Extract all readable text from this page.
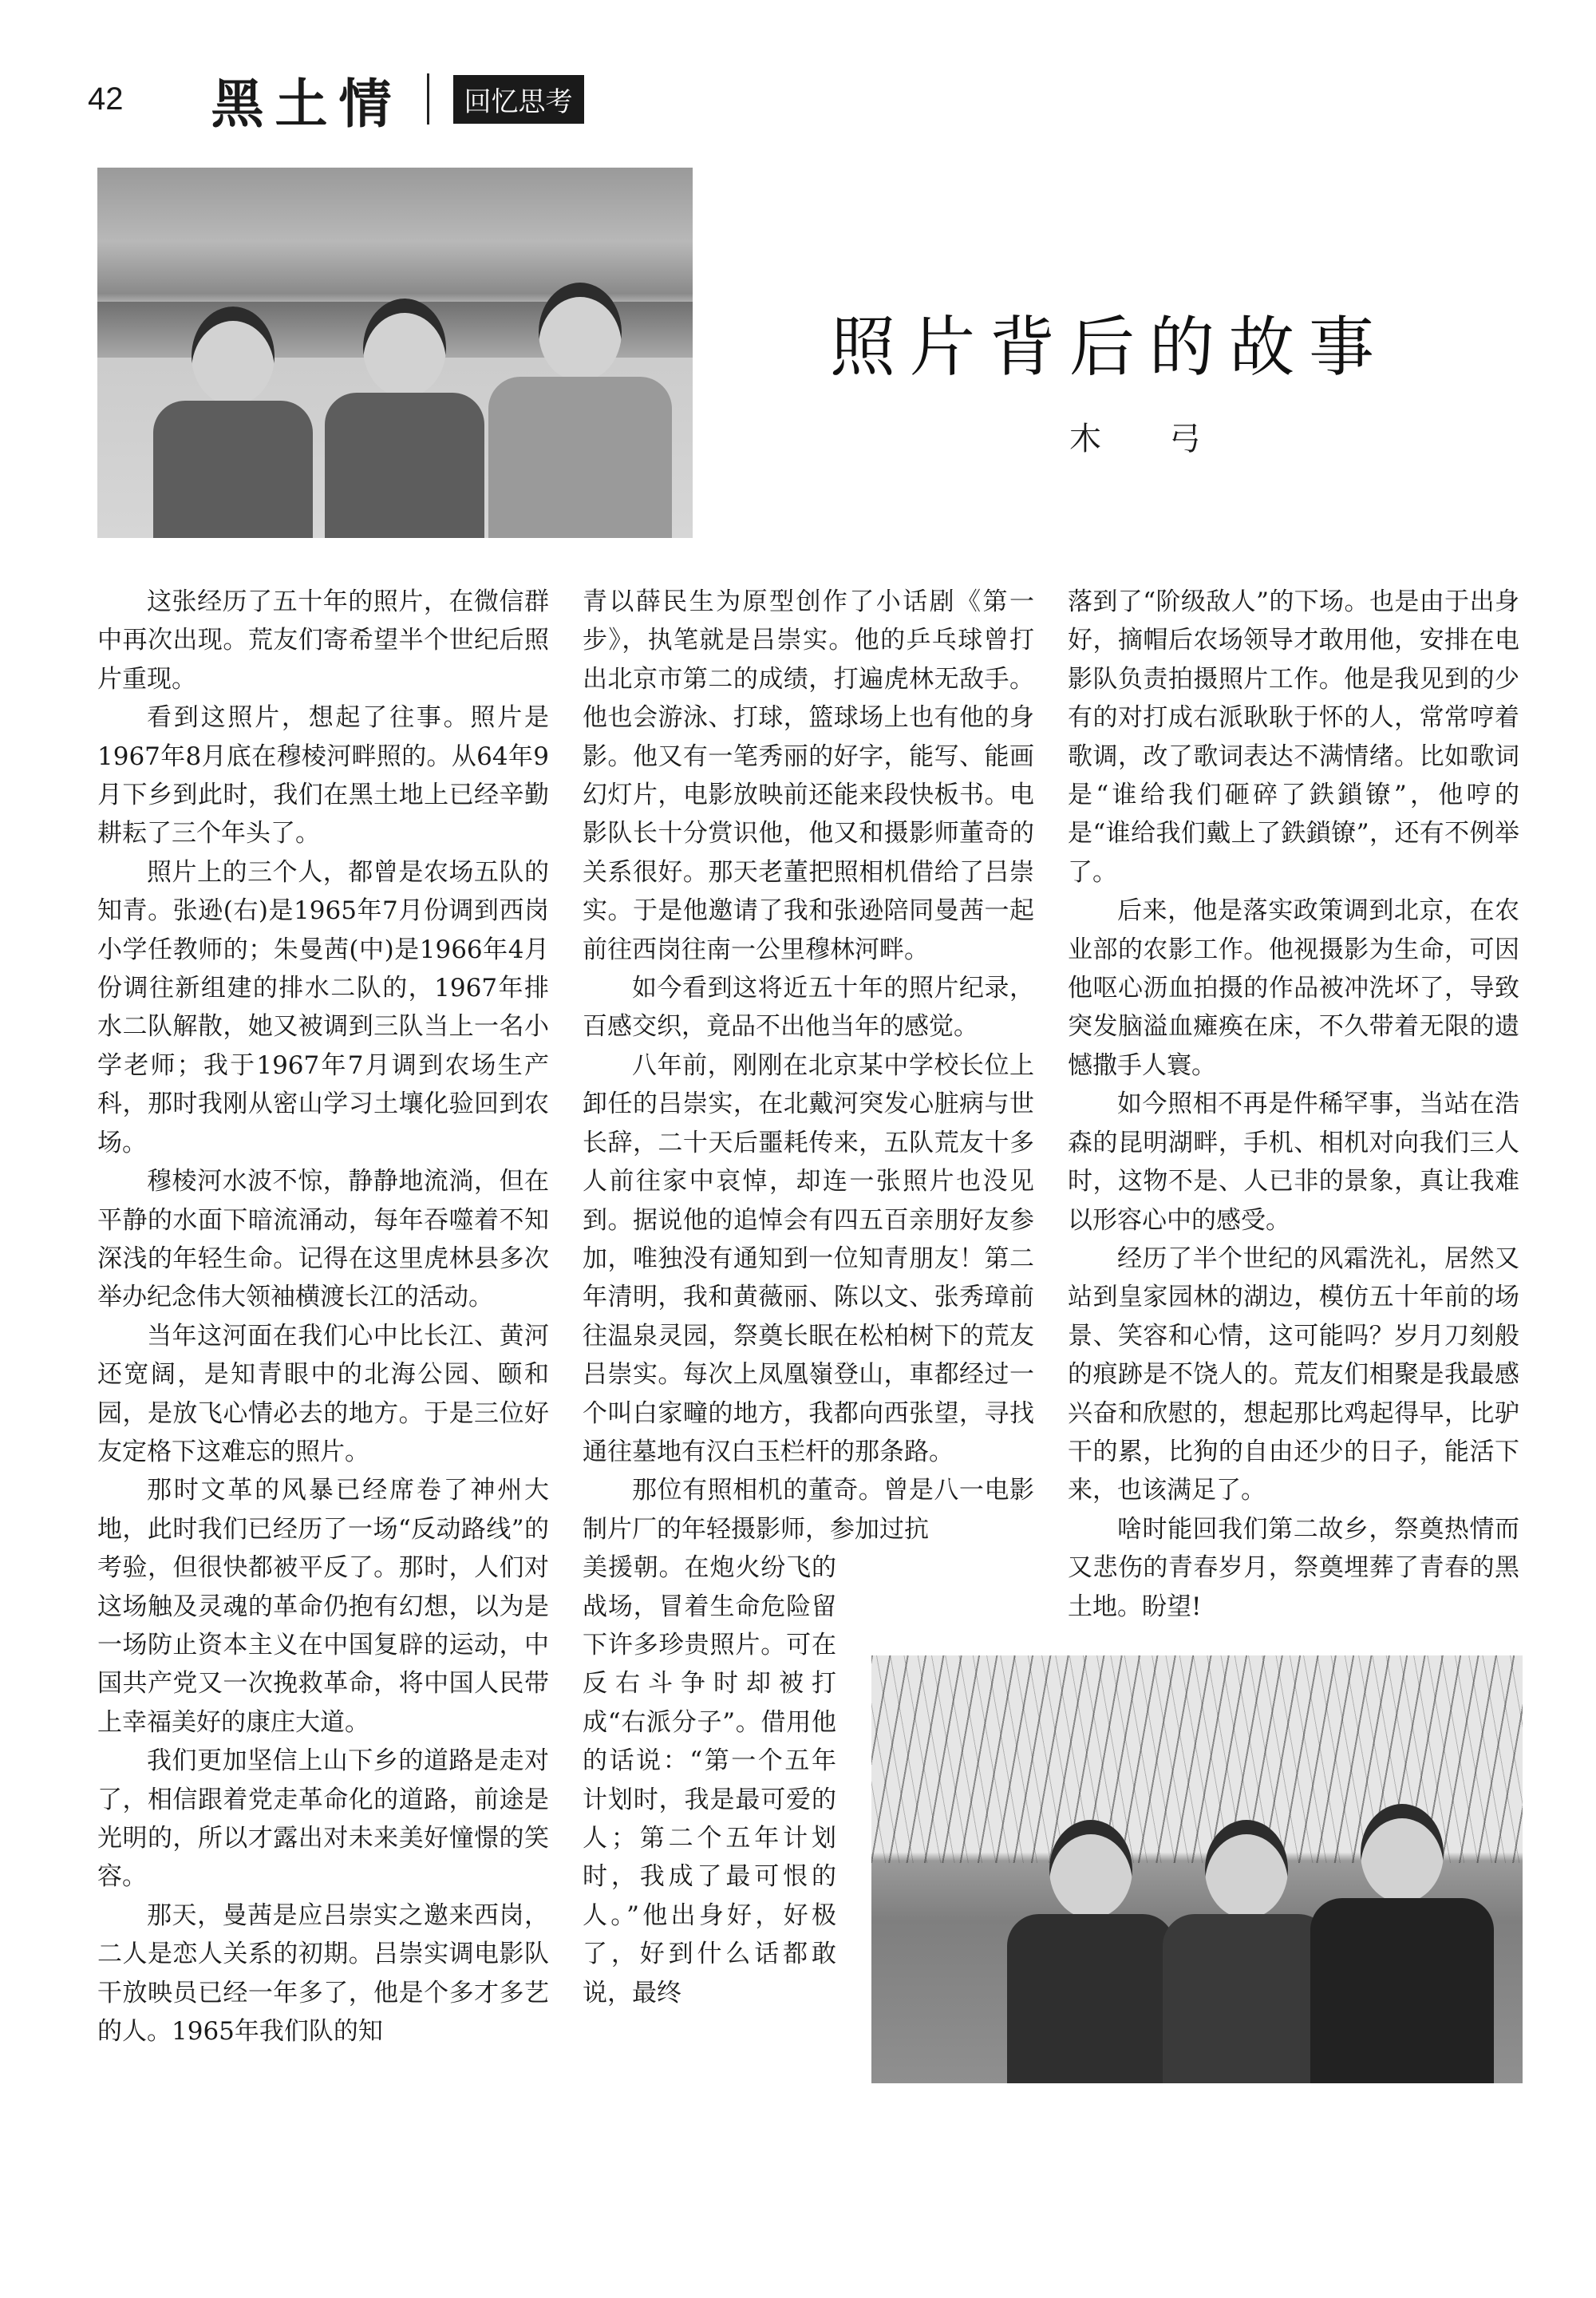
42 黑土情	回忆思考
照片背后的故事
木 弓

这张经历了五十年的照片，在微信群中再次出现。荒友们寄希望半个世纪后照片重现。

看到这照片，想起了往事。照片是1967年8月底在穆棱河畔照的。从64年9月下乡到此时，我们在黑土地上已经辛勤耕耘了三个年头了。

照片上的三个人，都曾是农场五队的知青。张逊(右)是1965年7月份调到西岗小学任教师的；朱曼茜(中)是1966年4月份调往新组建的排水二队的，1967年排水二队解散，她又被调到三队当上一名小学老师；我于1967年7月调到农场生产科，那时我刚从密山学习土壤化验回到农场。

穆棱河水波不惊，静静地流淌，但在平静的水面下暗流涌动，每年吞噬着不知深浅的年轻生命。记得在这里虎林县多次举办纪念伟大领袖横渡长江的活动。

当年这河面在我们心中比长江、黄河还宽阔，是知青眼中的北海公园、颐和园，是放飞心情必去的地方。于是三位好友定格下这难忘的照片。

那时文革的风暴已经席卷了神州大地，此时我们已经历了一场“反动路线”的考验，但很快都被平反了。那时，人们对这场触及灵魂的革命仍抱有幻想，以为是一场防止资本主义在中国复辟的运动，中国共产党又一次挽救革命，将中国人民带上幸福美好的康庄大道。

我们更加坚信上山下乡的道路是走对了，相信跟着党走革命化的道路，前途是光明的，所以才露出对未来美好憧憬的笑容。

那天，曼茜是应吕崇实之邀来西岗，二人是恋人关系的初期。吕崇实调电影队干放映员已经一年多了，他是个多才多艺的人。1965年我们队的知

青以薛民生为原型创作了小话剧《第一步》，执笔就是吕崇实。他的乒乓球曾打出北京市第二的成绩，打遍虎林无敌手。他也会游泳、打球，篮球场上也有他的身影。他又有一笔秀丽的好字，能写、能画幻灯片，电影放映前还能来段快板书。电影队长十分赏识他，他又和摄影师董奇的关系很好。那天老董把照相机借给了吕崇实。于是他邀请了我和张逊陪同曼茜一起前往西岗往南一公里穆林河畔。

如今看到这将近五十年的照片纪录，百感交织，竟品不出他当年的感觉。

八年前，刚刚在北京某中学校长位上卸任的吕崇实，在北戴河突发心脏病与世长辞，二十天后噩耗传来，五队荒友十多人前往家中哀悼，却连一张照片也没见到。据说他的追悼会有四五百亲朋好友参加，唯独没有通知到一位知青朋友！第二年清明，我和黄薇丽、陈以文、张秀璋前往温泉灵园，祭奠长眠在松柏树下的荒友吕崇实。每次上凤凰嶺登山，車都经过一个叫白家疃的地方，我都向西张望，寻找通往墓地有汉白玉栏杆的那条路。

那位有照相机的董奇。曾是八一电影制片厂的年轻摄影师，参加过抗

美援朝。在炮火纷飞的战场，冒着生命危险留下许多珍贵照片。可在反右斗争时却被打成“右派分子”。借用他的话说：“第一个五年计划时，我是最可爱的人；第二个五年计划时，我成了最可恨的人。”他出身好，好极了，好到什么话都敢说，最终

落到了“阶级敌人”的下场。也是由于出身好，摘帽后农场领导才敢用他，安排在电影队负责拍摄照片工作。他是我见到的少有的对打成右派耿耿于怀的人，常常哼着歌调，改了歌词表达不满情绪。比如歌词是“谁给我们砸碎了鉄鎖镣”，他哼的是“谁给我们戴上了鉄鎖镣”，还有不例举了。

后来，他是落实政策调到北京，在农业部的农影工作。他视摄影为生命，可因他呕心沥血拍摄的作品被冲洗坏了，导致突发脑溢血瘫痪在床，不久带着无限的遗憾撒手人寰。

如今照相不再是件稀罕事，当站在浩森的昆明湖畔，手机、相机对向我们三人时，这物不是、人已非的景象，真让我难以形容心中的感受。

经历了半个世纪的风霜洗礼，居然又站到皇家园林的湖边，模仿五十年前的场景、笑容和心情，这可能吗？岁月刀刻般的痕跡是不饶人的。荒友们相聚是我最感兴奋和欣慰的，想起那比鸡起得早，比驴干的累，比狗的自由还少的日子，能活下来，也该满足了。

啥时能回我们第二故乡，祭奠热情而又悲伤的青春岁月，祭奠埋葬了青春的黑土地。盼望!
